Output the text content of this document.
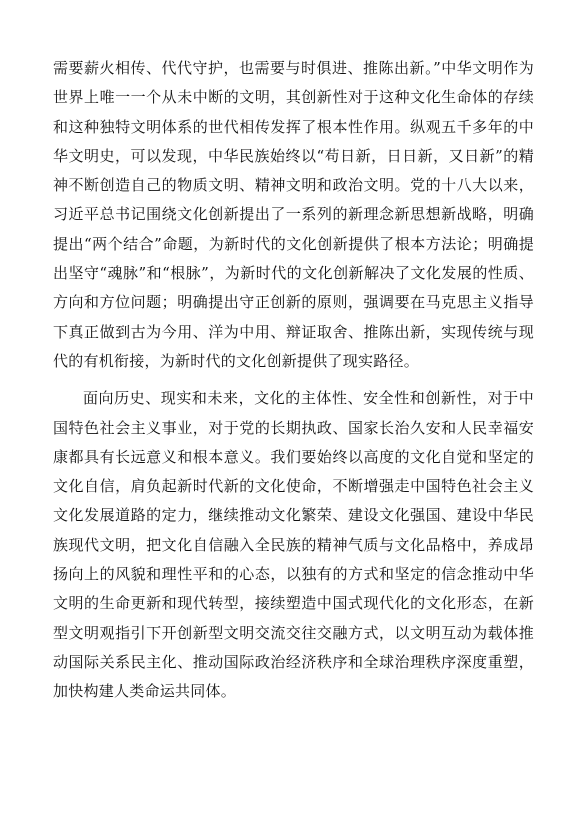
需要薪火相传、代代守护，也需要与时俱进、推陈出新。”中华文明作为世界上唯一一个从未中断的文明，其创新性对于这种文化生命体的存续和这种独特文明体系的世代相传发挥了根本性作用。纵观五千多年的中华文明史，可以发现，中华民族始终以“苟日新，日日新，又日新”的精神不断创造自己的物质文明、精神文明和政治文明。党的十八大以来，习近平总书记围绕文化创新提出了一系列的新理念新思想新战略，明确提出“两个结合”命题，为新时代的文化创新提供了根本方法论；明确提出坚守“魂脉”和“根脉”，为新时代的文化创新解决了文化发展的性质、方向和方位问题；明确提出守正创新的原则，强调要在马克思主义指导下真正做到古为今用、洋为中用、辩证取舍、推陈出新，实现传统与现代的有机衔接，为新时代的文化创新提供了现实路径。

面向历史、现实和未来，文化的主体性、安全性和创新性，对于中国特色社会主义事业，对于党的长期执政、国家长治久安和人民幸福安康都具有长远意义和根本意义。我们要始终以高度的文化自觉和坚定的文化自信，肩负起新时代新的文化使命，不断增强走中国特色社会主义文化发展道路的定力，继续推动文化繁荣、建设文化强国、建设中华民族现代文明，把文化自信融入全民族的精神气质与文化品格中，养成昂扬向上的风貌和理性平和的心态，以独有的方式和坚定的信念推动中华文明的生命更新和现代转型，接续塑造中国式现代化的文化形态，在新型文明观指引下开创新型文明交流交往交融方式，以文明互动为载体推动国际关系民主化、推动国际政治经济秩序和全球治理秩序深度重塑，加快构建人类命运共同体。
